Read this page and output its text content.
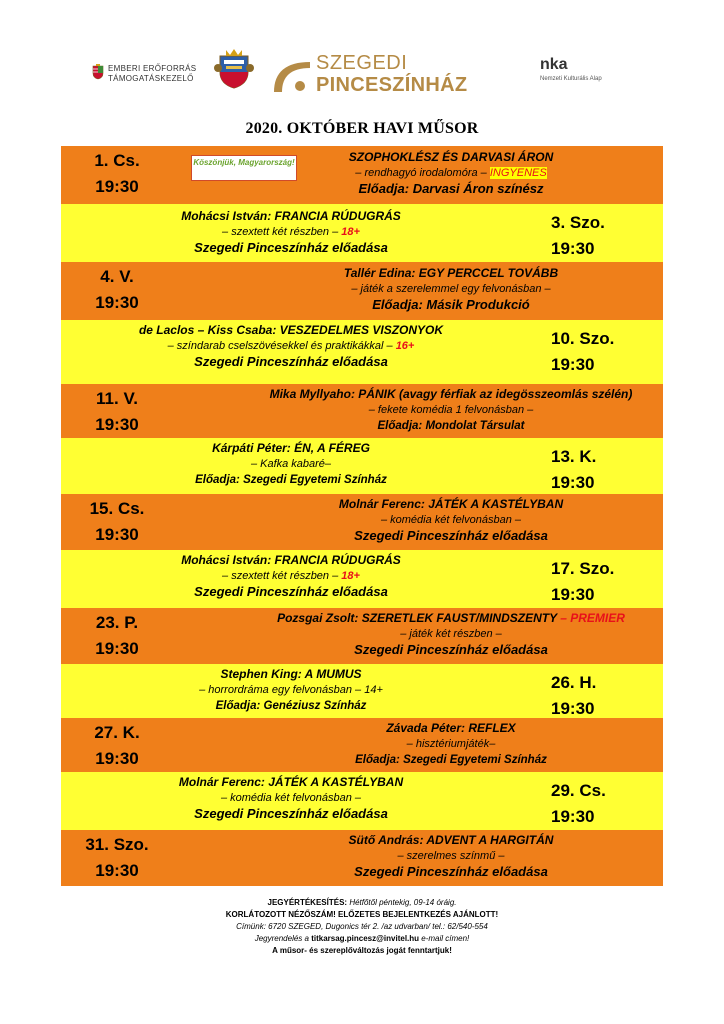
EMBERI ERŐFORRÁS
TÁMOGATÁSKEZELŐ
SZEGEDI
PINCESZÍNHÁZ
nka
Nemzeti Kulturális Alap
2020. OKTÓBER HAVI MŰSOR
1. Cs.
19:30
Köszönjük, Magyarország!	SZOPHOKLÉSZ ÉS DARVASI ÁRON
– rendhagyó irodalomóra – INGYENES
Előadja: Darvasi Áron színész
Mohácsi István: FRANCIA RÚDUGRÁS
– szextett két részben – 18+
Szegedi Pinceszínház előadása
3. Szo.
19:30
4. V.
19:30
Tallér Edina: EGY PERCCEL TOVÁBB
– játék a szerelemmel egy felvonásban –
Előadja: Másik Produkció
de Laclos – Kiss Csaba: VESZEDELMES VISZONYOK
– színdarab cselszövésekkel és praktikákkal – 16+
Szegedi Pinceszínház előadása
10. Szo.
19:30
11. V.
19:30
Mika Myllyaho: PÁNIK (avagy férfiak az idegösszeomlás szélén)
– fekete komédia 1 felvonásban –
Előadja: Mondolat Társulat
Kárpáti Péter: ÉN, A FÉREG
– Kafka kabaré–
Előadja: Szegedi Egyetemi Színház
13. K.
19:30
15. Cs.
19:30
Molnár Ferenc: JÁTÉK A KASTÉLYBAN
– komédia két felvonásban –
Szegedi Pinceszínház előadása
Mohácsi István: FRANCIA RÚDUGRÁS
– szextett két részben – 18+
Szegedi Pinceszínház előadása
17. Szo.
19:30
23. P.
19:30
Pozsgai Zsolt: SZERETLEK FAUST/MINDSZENTY – PREMIER
– játék két részben –
Szegedi Pinceszínház előadása
Stephen King: A MUMUS
– horrordráma egy felvonásban – 14+
Előadja: Genéziusz Színház
26. H.
19:30
27. K.
19:30
Závada Péter: REFLEX
– hisztériumjáték–
Előadja: Szegedi Egyetemi Színház
Molnár Ferenc: JÁTÉK A KASTÉLYBAN
– komédia két felvonásban –
Szegedi Pinceszínház előadása
29. Cs.
19:30
31. Szo.
19:30
Sütő András: ADVENT A HARGITÁN
– szerelmes színmű –
Szegedi Pinceszínház előadása
JEGYÉRTÉKESÍTÉS: Hétfőtől péntekig, 09-14 óráig.
KORLÁTOZOTT NÉZŐSZÁM! ELŐZETES BEJELENTKEZÉS AJÁNLOTT!
Címünk: 6720 SZEGED, Dugonics tér 2. /az udvarban/ tel.: 62/540-554
Jegyrendelés a titkarsag.pincesz@invitel.hu e-mail címen!
A műsor- és szereplőváltozás jogát fenntartjuk!
